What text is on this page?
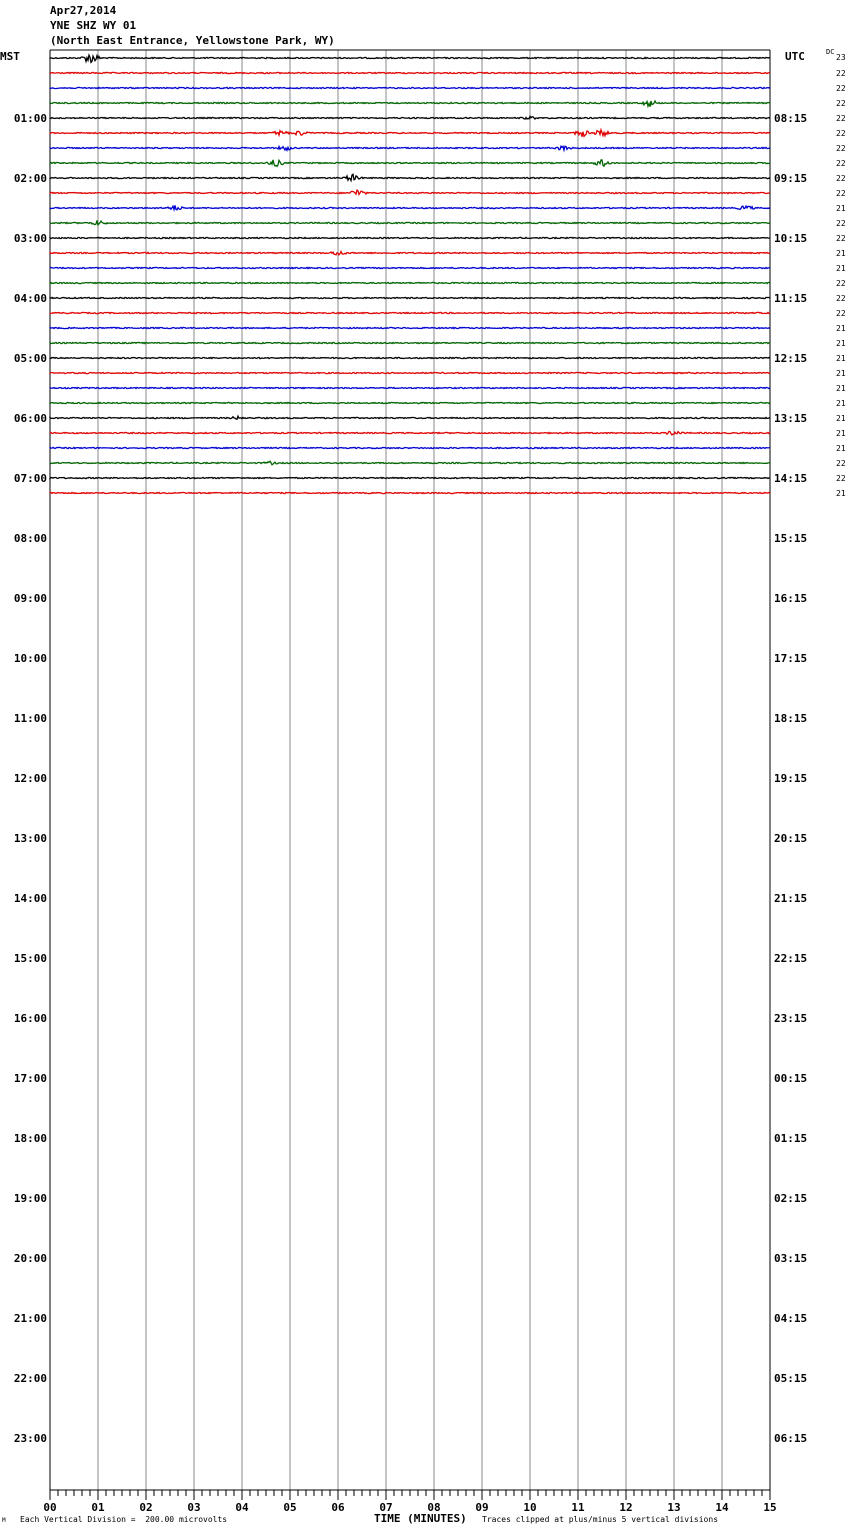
Apr27,2014
YNE SHZ WY 01
(North East Entrance, Yellowstone Park, WY)
MST	UTC	DC
23
00	01	02	03	04	05	06	07	08	09	10	11	12	13	14	15
01:00	08:15
02:00	09:15
03:00	10:15
04:00	11:15
05:00	12:15
06:00	13:15
07:00	14:15
08:00	15:15
09:00	16:15
10:00	17:15
11:00	18:15
12:00	19:15
13:00	20:15
14:00	21:15
15:00	22:15
16:00	23:15
17:00	00:15
18:00	01:15
19:00	02:15
20:00	03:15
21:00	04:15
22:00	05:15
23:00	06:15
22
22
22
22
22
22
22
22
22
21
22
22
21
21
22
22
22
21
21
21
21
21
21
21
21
21
22
22
21
TIME (MINUTES)
Each Vertical Division =  200.00 microvolts	Traces clipped at plus/minus 5 vertical divisions
M
